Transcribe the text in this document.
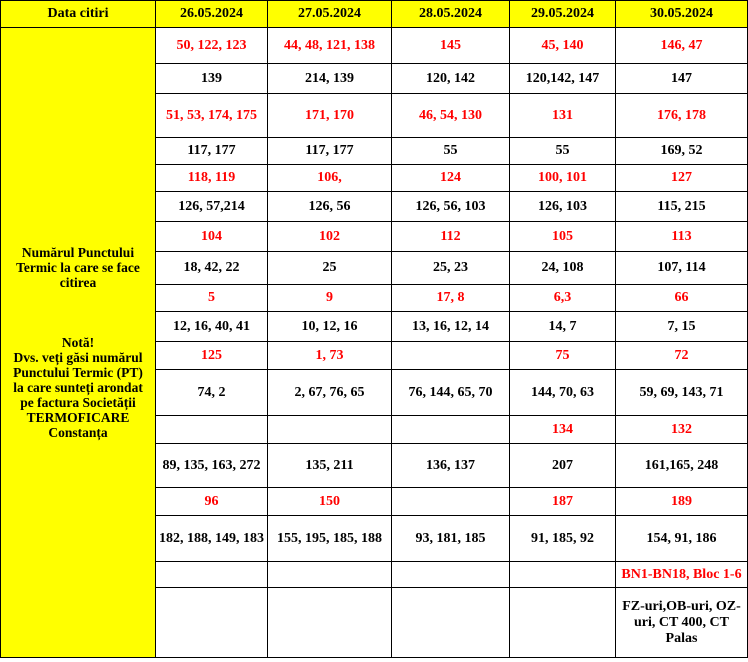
Data citiri	26.05.2024	27.05.2024	28.05.2024	29.05.2024	30.05.2024

Numărul Punctului Termic la care se face citirea
Notă!
Dvs. veți găsi numărul Punctului Termic (PT) la care sunteți arondat pe factura Societății TERMOFICARE Constanța	50, 122, 123	44, 48, 121, 138	145	45, 140	146, 47
	139	214, 139	120, 142	120,142, 147	147
	51, 53, 174, 175	171, 170	46, 54, 130	131	176, 178
	117, 177	117, 177	55	55	169, 52
	118, 119	106,	124	100, 101	127
	126, 57,214	126, 56	126, 56, 103	126, 103	115, 215
	104	102	112	105	113
	18, 42, 22	25	25, 23	24, 108	107, 114
	5	9	17, 8	6,3	66
	12, 16, 40, 41	10, 12, 16	13, 16, 12, 14	14, 7	7, 15
	125	1, 73		75	72
	74, 2	2, 67, 76, 65	76, 144, 65, 70	144, 70, 63	59, 69, 143, 71
				134	132
	89, 135, 163, 272	135, 211	136, 137	207	161,165, 248
	96	150		187	189
	182, 188, 149, 183	155, 195, 185, 188	93, 181, 185	91, 185, 92	154, 91, 186
					BN1-BN18, Bloc 1-6
					FZ-uri,OB-uri, OZ-uri, CT 400, CT Palas
